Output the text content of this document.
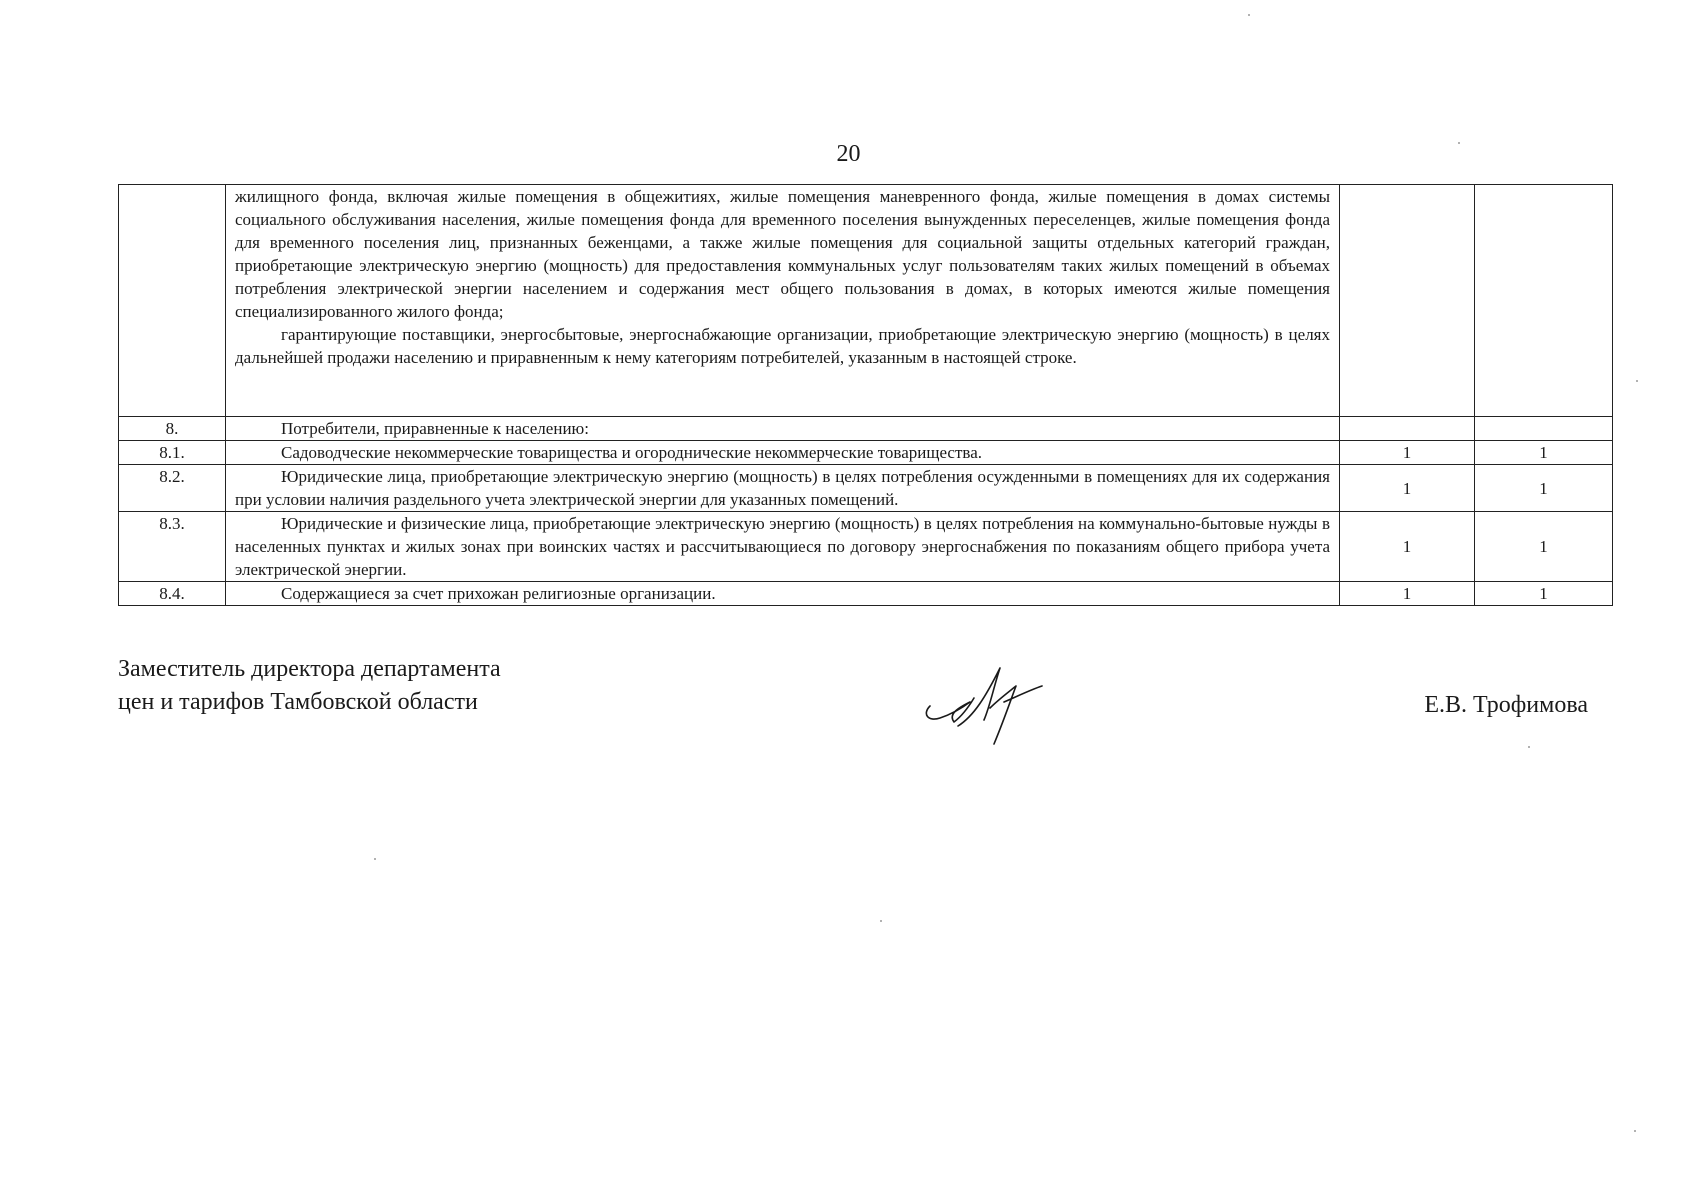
20

	жилищного фонда, включая жилые помещения в общежитиях, жилые помещения маневренного фонда, жилые помещения в домах системы социального обслуживания населения, жилые помещения фонда для временного поселения вынужденных переселенцев, жилые помещения фонда для временного поселения лиц, признанных беженцами, а также жилые помещения для социальной защиты отдельных категорий граждан, приобретающие электрическую энергию (мощность) для предоставления коммунальных услуг пользователям таких жилых помещений в объемах потребления электрической энергии населением и содержания мест общего пользования в домах, в которых имеются жилые помещения специализированного жилого фонда;

гарантирующие поставщики, энергосбытовые, энергоснабжающие организации, приобретающие электрическую энергию (мощность) в целях дальнейшей продажи населению и приравненным к нему категориям потребителей, указанным в настоящей строке.		

8.	Потребители, приравненные к населению:		

8.1.	Садоводческие некоммерческие товарищества и огороднические некоммерческие товарищества.	1	1
8.2.	Юридические лица, приобретающие электрическую энергию (мощность) в целях потребления осужденными в помещениях для их содержания при условии наличия раздельного учета электрической энергии для указанных помещений.	1	1
8.3.	Юридические и физические лица, приобретающие электрическую энергию (мощность) в целях потребления на коммунально-бытовые нужды в населенных пунктах и жилых зонах при воинских частях и рассчитывающиеся по договору энергоснабжения по показаниям общего прибора учета электрической энергии.	1	1
8.4.	Содержащиеся за счет прихожан религиозные организации.	1	1
Заместитель директора департамента
цен и тарифов Тамбовской области	Е.В. Трофимова
